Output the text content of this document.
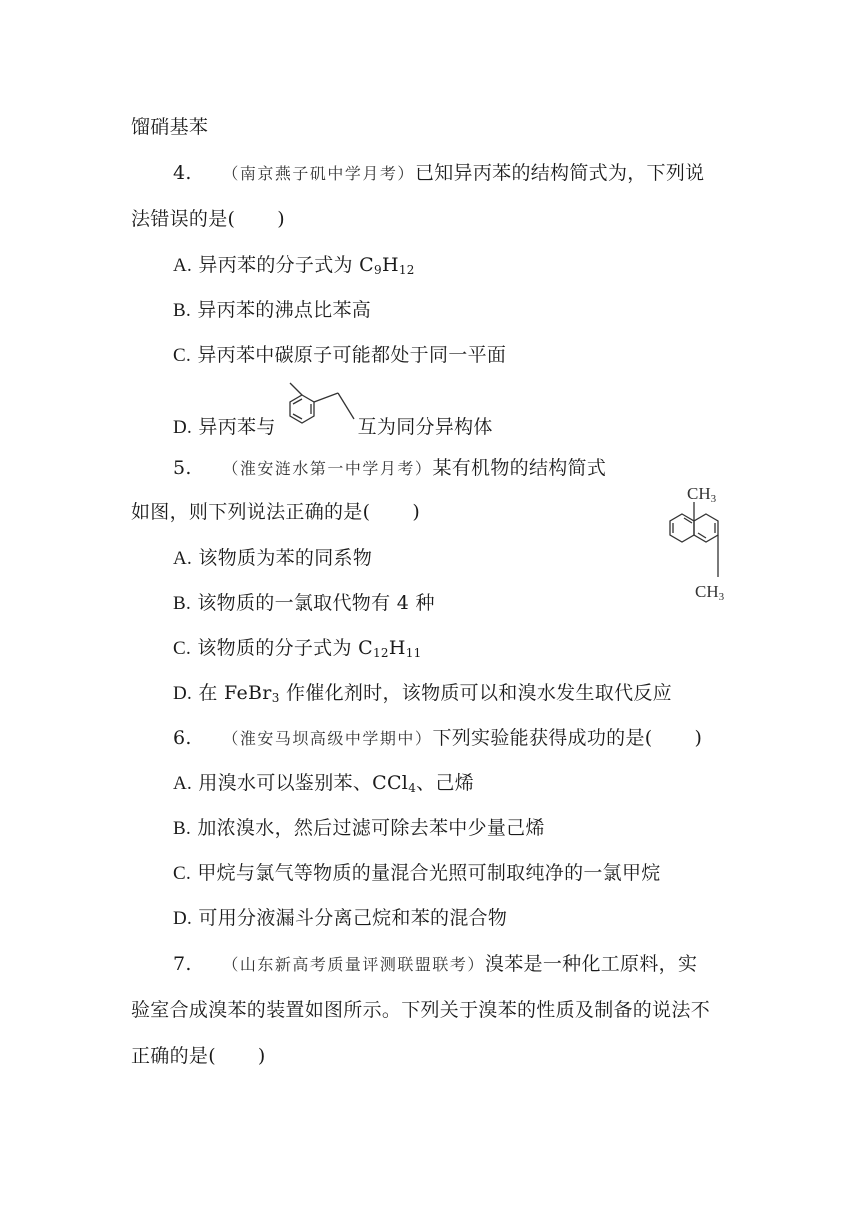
馏硝基苯
4. （南京燕子矶中学月考）已知异丙苯的结构简式为，下列说
法错误的是( )
A. 异丙苯的分子式为 $C_9H_{12}$
B. 异丙苯的沸点比苯高
C. 异丙苯中碳原子可能都处于同一平面
D. 异丙苯与	互为同分异构体
5. （淮安涟水第一中学月考）某有机物的结构简式
如图，则下列说法正确的是( )
CH3
CH3
A. 该物质为苯的同系物
B. 该物质的一氯取代物有 4 种
C. 该物质的分子式为 $C_{12}H_{11}$
D. 在 FeBr$_3$ 作催化剂时，该物质可以和溴水发生取代反应
6. （淮安马坝高级中学期中）下列实验能获得成功的是( )
A. 用溴水可以鉴别苯、CCl$_4$、己烯
B. 加浓溴水，然后过滤可除去苯中少量己烯
C. 甲烷与氯气等物质的量混合光照可制取纯净的一氯甲烷
D. 可用分液漏斗分离己烷和苯的混合物
7. （山东新高考质量评测联盟联考）溴苯是一种化工原料，实
验室合成溴苯的装置如图所示。下列关于溴苯的性质及制备的说法不
正确的是( )
